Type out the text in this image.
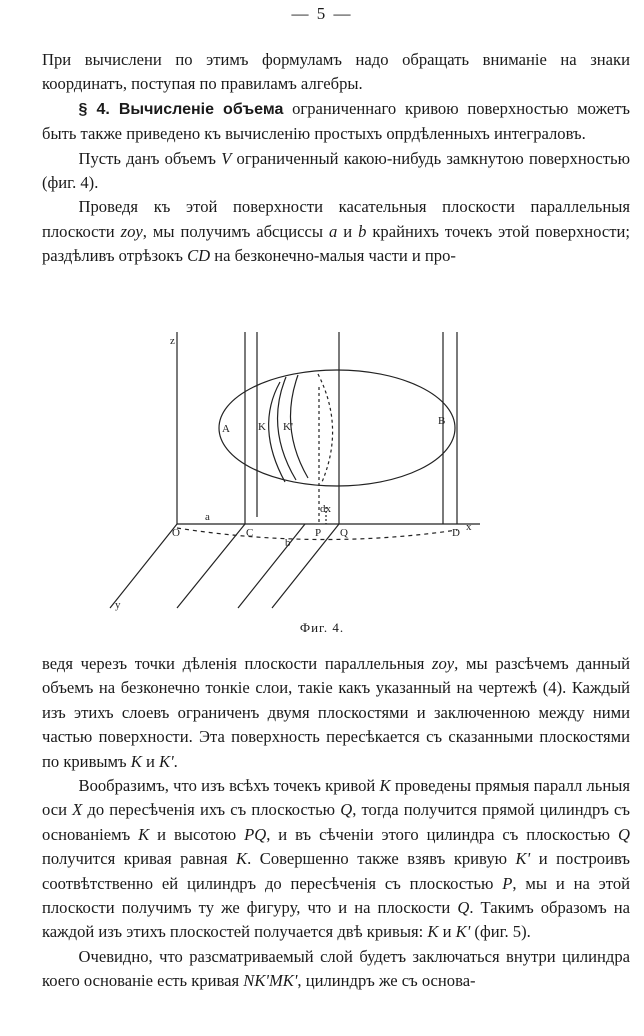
— 5 —

При вычислени по этимъ формуламъ надо обращать вниманіе на знаки координатъ, поступая по правиламъ алгебры.

§ 4. Вычисленіе объема ограниченнаго кривою поверхностью можетъ быть также приведено къ вычисленію простыхъ опрдѣленныхъ интеграловъ.

Пусть данъ объемъ V ограниченный какою-нибудь замкнутою поверхностью (фиг. 4).

Проведя къ этой поверхности касательныя плоскости параллельныя плоскости zoy, мы получимъ абсциссы a и b крайнихъ точекъ этой поверхности; раздѣливъ отрѣзокъ CD на безконечно-малыя части и про-

z
y
x
O	C	P Q	D
A
B
K K'
a
b
dx
Фиг. 4.

ведя черезъ точки дѣленія плоскости параллельныя zoy, мы разсѣчемъ данный объемъ на безконечно тонкіе слои, такіе какъ указанный на чертежѣ (4). Каждый изъ этихъ слоевъ ограниченъ двумя плоскостями и заключенною между ними частью поверхности. Эта поверхность пересѣкается съ сказанными плоскостями по кривымъ K и K'.

Вообразимъ, что изъ всѣхъ точекъ кривой K проведены прямыя паралл льныя оси X до пересѣченія ихъ съ плоскостью Q, тогда получится прямой цилиндръ съ основаніемъ K и высотою PQ, и въ сѣченіи этого цилиндра съ плоскостью Q получится кривая равная K. Совершенно также взявъ кривую K' и построивъ соотвѣтственно ей цилиндръ до пересѣченія съ плоскостью P, мы и на этой плоскости получимъ ту же фигуру, что и на плоскости Q. Такимъ образомъ на каждой изъ этихъ плоскостей получается двѣ кривыя: K и K' (фиг. 5).

Очевидно, что разсматриваемый слой будетъ заключаться внутри цилиндра коего основаніе есть кривая NK'MK', цилиндръ же съ основа-
